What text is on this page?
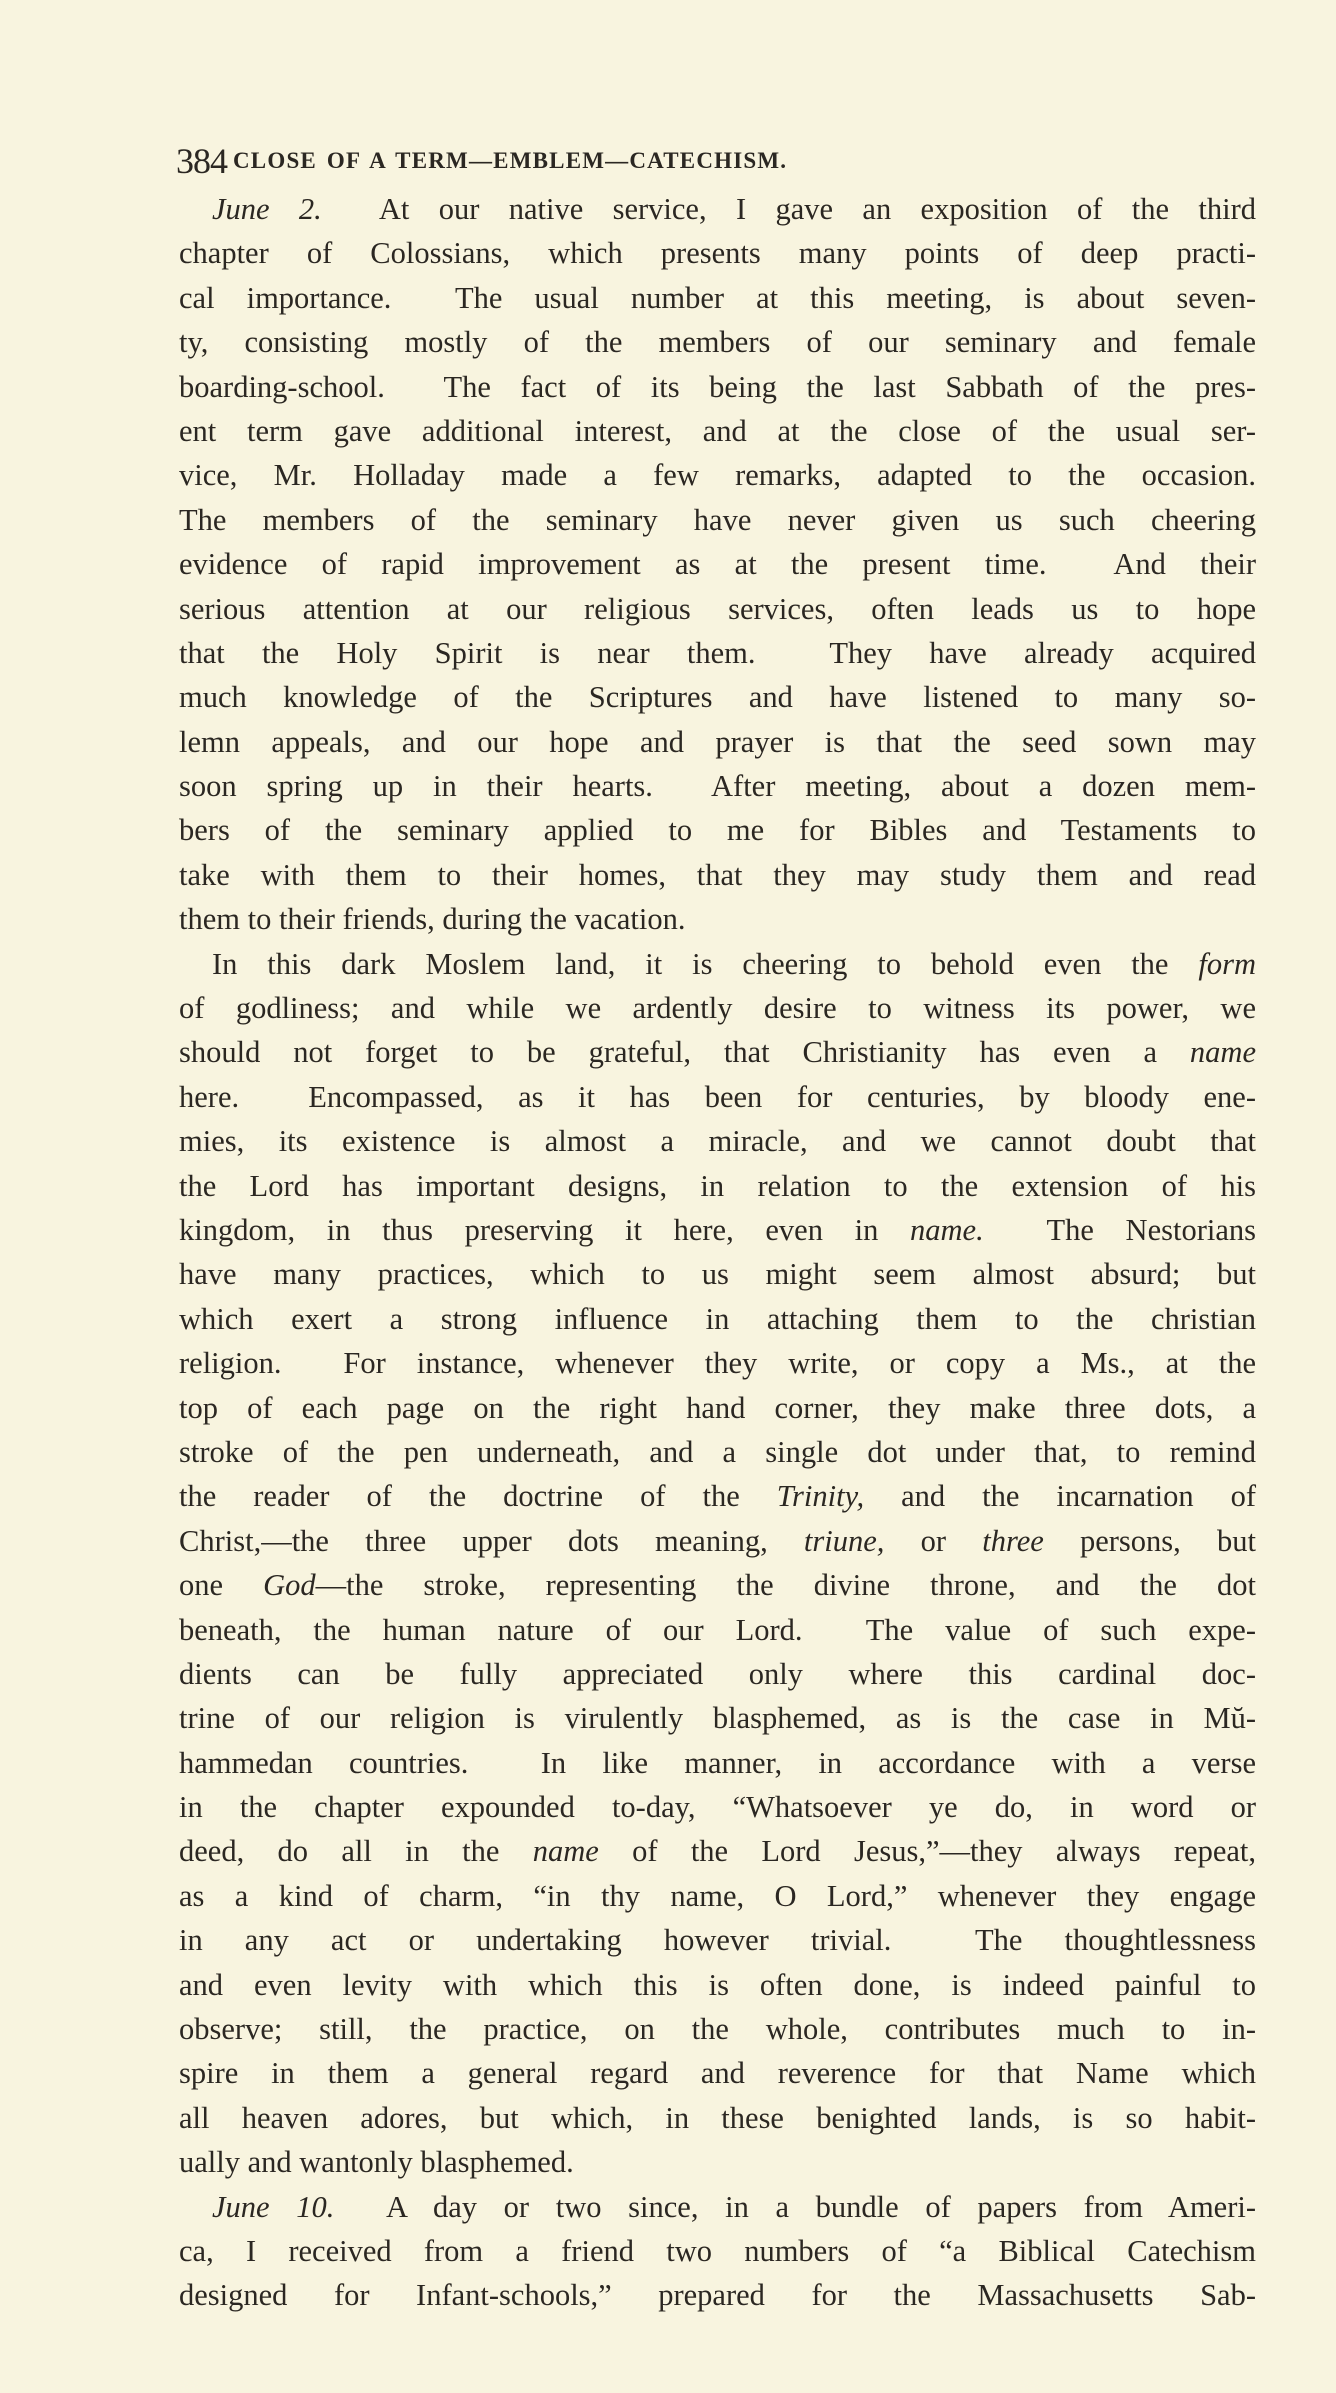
384 CLOSE OF A TERM—EMBLEM—CATECHISM.
June 2.  At our native service, I gave an exposition of the third
chapter of Colossians, which presents many points of deep practi-
cal importance.  The usual number at this meeting, is about seven-
ty, consisting mostly of the members of our seminary and female
boarding-school.  The fact of its being the last Sabbath of the pres-
ent term gave additional interest, and at the close of the usual ser-
vice, Mr. Holladay made a few remarks, adapted to the occasion.
The members of the seminary have never given us such cheering
evidence of rapid improvement as at the present time.  And their
serious attention at our religious services, often leads us to hope
that the Holy Spirit is near them.  They have already acquired
much knowledge of the Scriptures and have listened to many so-
lemn appeals, and our hope and prayer is that the seed sown may
soon spring up in their hearts.  After meeting, about a dozen mem-
bers of the seminary applied to me for Bibles and Testaments to
take with them to their homes, that they may study them and read
them to their friends, during the vacation.
In this dark Moslem land, it is cheering to behold even the form
of godliness; and while we ardently desire to witness its power, we
should not forget to be grateful, that Christianity has even a name
here.  Encompassed, as it has been for centuries, by bloody ene-
mies, its existence is almost a miracle, and we cannot doubt that
the Lord has important designs, in relation to the extension of his
kingdom, in thus preserving it here, even in name.  The Nestorians
have many practices, which to us might seem almost absurd; but
which exert a strong influence in attaching them to the christian
religion.  For instance, whenever they write, or copy a Ms., at the
top of each page on the right hand corner, they make three dots, a
stroke of the pen underneath, and a single dot under that, to remind
the reader of the doctrine of the Trinity, and the incarnation of
Christ,—the three upper dots meaning, triune, or three persons, but
one God—the stroke, representing the divine throne, and the dot
beneath, the human nature of our Lord.  The value of such expe-
dients can be fully appreciated only where this cardinal doc-
trine of our religion is virulently blasphemed, as is the case in Mŭ-
hammedan countries.  In like manner, in accordance with a verse
in the chapter expounded to-day, “Whatsoever ye do, in word or
deed, do all in the name of the Lord Jesus,”—they always repeat,
as a kind of charm, “in thy name, O Lord,” whenever they engage
in any act or undertaking however trivial.  The thoughtlessness
and even levity with which this is often done, is indeed painful to
observe; still, the practice, on the whole, contributes much to in-
spire in them a general regard and reverence for that Name which
all heaven adores, but which, in these benighted lands, is so habit-
ually and wantonly blasphemed.
June 10.  A day or two since, in a bundle of papers from Ameri-
ca, I received from a friend two numbers of “a Biblical Catechism
designed for Infant-schools,” prepared for the Massachusetts Sab-
